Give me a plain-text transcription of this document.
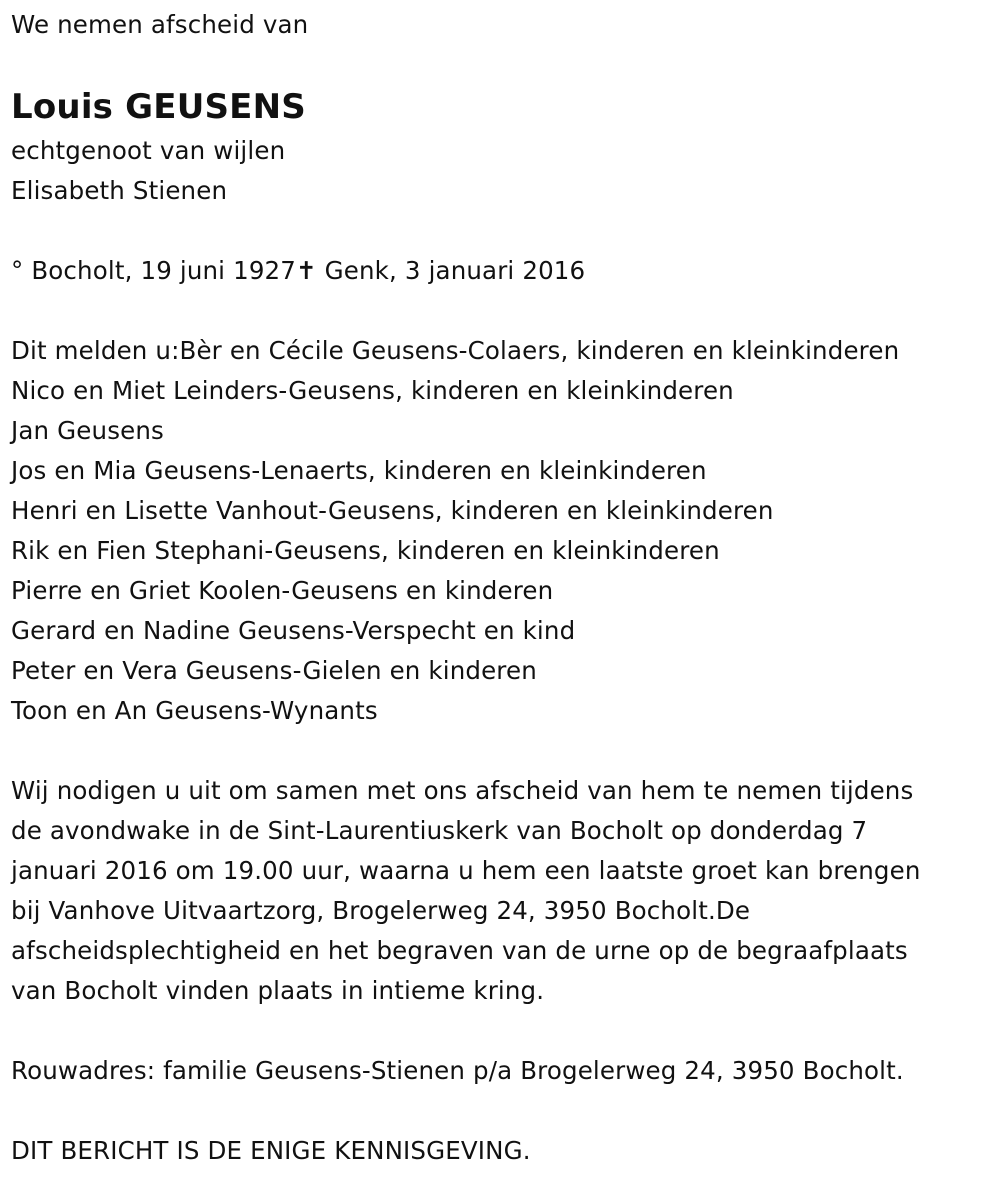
We nemen afscheid van
Louis GEUSENS
echtgenoot van wijlen
Elisabeth Stienen
° Bocholt, 19 juni 1927✝ Genk, 3 januari 2016
Dit melden u:Bèr en Cécile Geusens-Colaers, kinderen en kleinkinderen
Nico en Miet Leinders-Geusens, kinderen en kleinkinderen
Jan Geusens
Jos en Mia Geusens-Lenaerts, kinderen en kleinkinderen
Henri en Lisette Vanhout-Geusens, kinderen en kleinkinderen
Rik en Fien Stephani-Geusens, kinderen en kleinkinderen
Pierre en Griet Koolen-Geusens en kinderen
Gerard en Nadine Geusens-Verspecht en kind
Peter en Vera Geusens-Gielen en kinderen
Toon en An Geusens-Wynants
Wij nodigen u uit om samen met ons afscheid van hem te nemen tijdens
de avondwake in de Sint-Laurentiuskerk van Bocholt op donderdag 7
januari 2016 om 19.00 uur, waarna u hem een laatste groet kan brengen
bij Vanhove Uitvaartzorg, Brogelerweg 24, 3950 Bocholt.De
afscheidsplechtigheid en het begraven van de urne op de begraafplaats
van Bocholt vinden plaats in intieme kring.
Rouwadres: familie Geusens-Stienen p/a Brogelerweg 24, 3950 Bocholt.
DIT BERICHT IS DE ENIGE KENNISGEVING.
